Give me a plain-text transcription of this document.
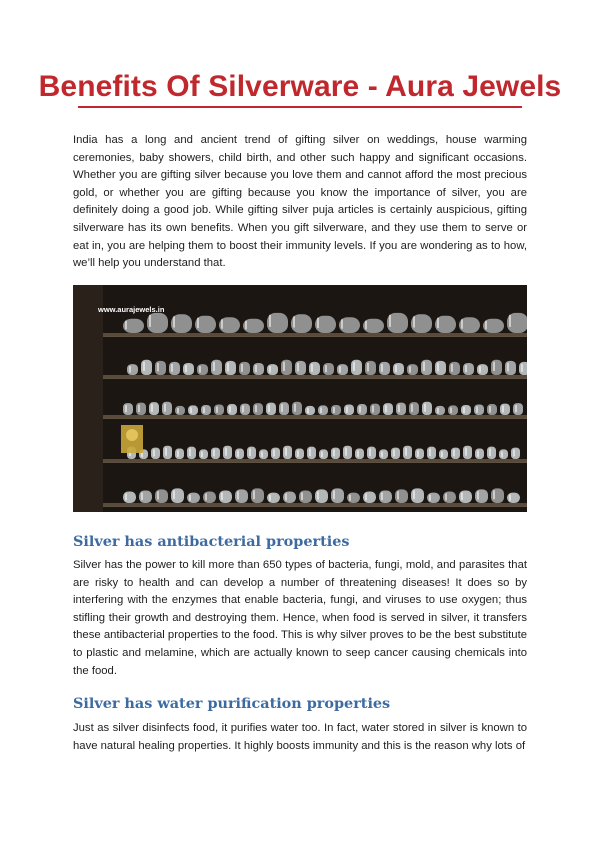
Benefits Of Silverware - Aura Jewels

India has a long and ancient trend of gifting silver on weddings, house warming ceremonies, baby showers, child birth, and other such happy and significant occasions. Whether you are gifting silver because you love them and cannot afford the most precious gold, or whether you are gifting because you know the importance of silver, you are definitely doing a good job. While gifting silver puja articles is certainly auspicious, gifting silverware has its own benefits. When you gift silverware, and they use them to serve or eat in, you are helping them to boost their immunity levels. If you are wondering as to how, we’ll help you understand that.

www.aurajewels.in
Silver has antibacterial properties

Silver has the power to kill more than 650 types of bacteria, fungi, mold, and parasites that are risky to health and can develop a number of threatening diseases! It does so by interfering with the enzymes that enable bacteria, fungi, and viruses to use oxygen; thus stifling their growth and destroying them. Hence, when food is served in silver, it transfers these antibacterial properties to the food. This is why silver proves to be the best substitute to plastic and melamine, which are actually known to seep cancer causing chemicals into the food.

Silver has water purification properties

Just as silver disinfects food, it purifies water too. In fact, water stored in silver is known to have natural healing properties. It highly boosts immunity and this is the reason why lots of
